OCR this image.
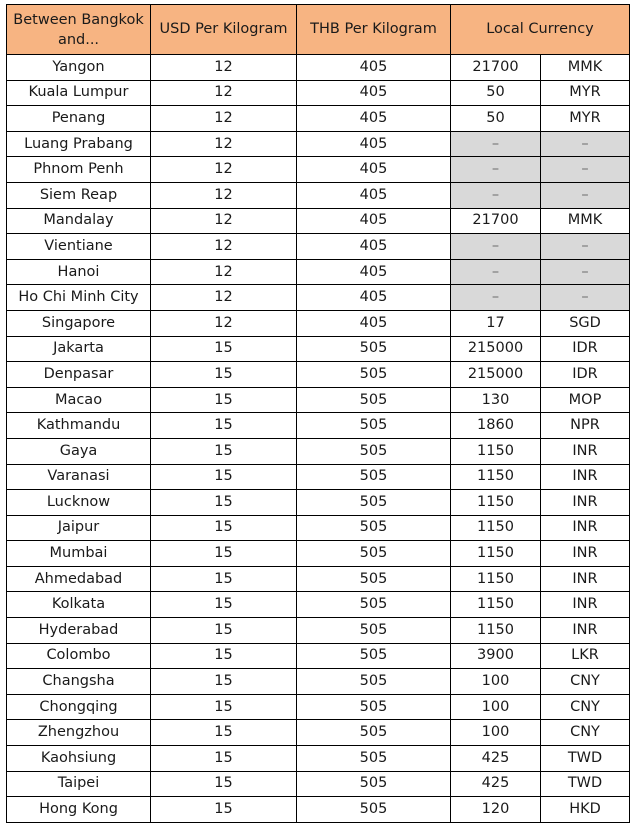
Between Bangkok and...	USD Per Kilogram	THB Per Kilogram	Local Currency	
Yangon	12	405	21700	MMK
Kuala Lumpur	12	405	50	MYR
Penang	12	405	50	MYR
Luang Prabang	12	405	–	–
Phnom Penh	12	405	–	–
Siem Reap	12	405	–	–
Mandalay	12	405	21700	MMK
Vientiane	12	405	–	–
Hanoi	12	405	–	–
Ho Chi Minh City	12	405	–	–
Singapore	12	405	17	SGD
Jakarta	15	505	215000	IDR
Denpasar	15	505	215000	IDR
Macao	15	505	130	MOP
Kathmandu	15	505	1860	NPR
Gaya	15	505	1150	INR
Varanasi	15	505	1150	INR
Lucknow	15	505	1150	INR
Jaipur	15	505	1150	INR
Mumbai	15	505	1150	INR
Ahmedabad	15	505	1150	INR
Kolkata	15	505	1150	INR
Hyderabad	15	505	1150	INR
Colombo	15	505	3900	LKR
Changsha	15	505	100	CNY
Chongqing	15	505	100	CNY
Zhengzhou	15	505	100	CNY
Kaohsiung	15	505	425	TWD
Taipei	15	505	425	TWD
Hong Kong	15	505	120	HKD
